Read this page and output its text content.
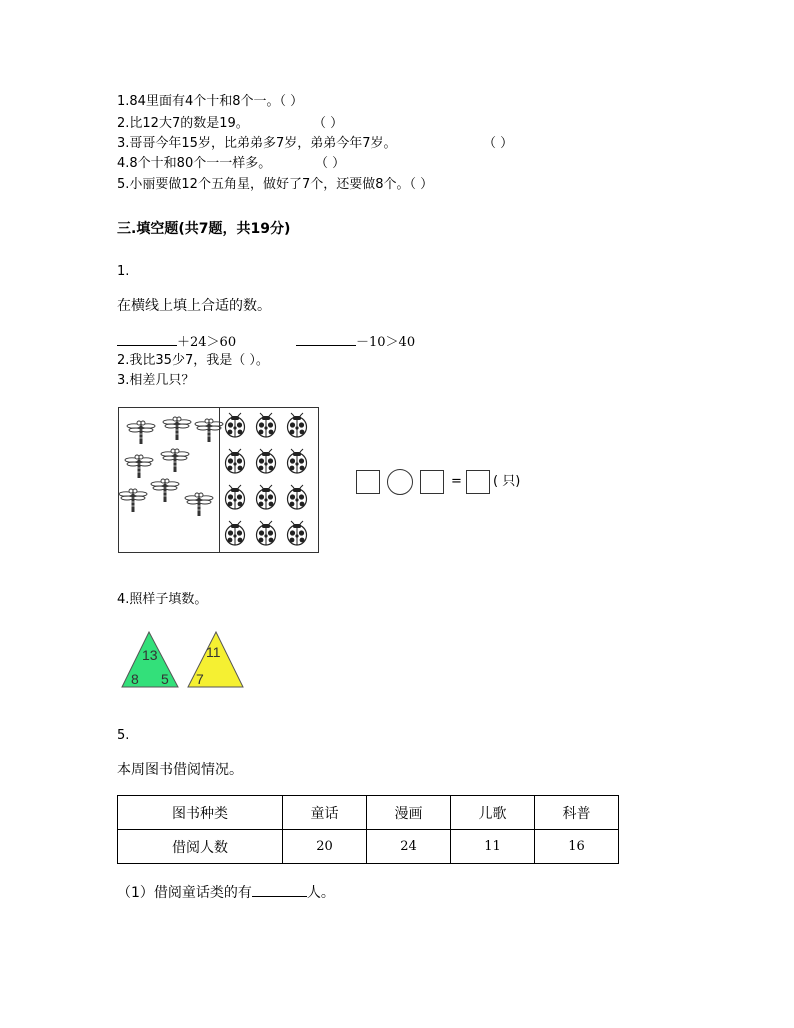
1.84里面有4个十和8个一。（ ）
2.比12大7的数是19。	（ ）
3.哥哥今年15岁，比弟弟多7岁，弟弟今年7岁。	（ ）
4.8个十和80个一一样多。	（ ）
5.小丽要做12个五角星，做好了7个，还要做8个。（ ）
三.填空题(共7题，共19分)
1.
在横线上填上合适的数。
＋24＞60	－10＞40
2.我比35少7，我是（ ）。
3.相差几只？
= ( 只)
4.照样子填数。
13
8 5
11
7
5.
本周图书借阅情况。
图书种类	童话	漫画	儿歌	科普
借阅人数	20	24	11	16
（1）借阅童话类的有	人。
